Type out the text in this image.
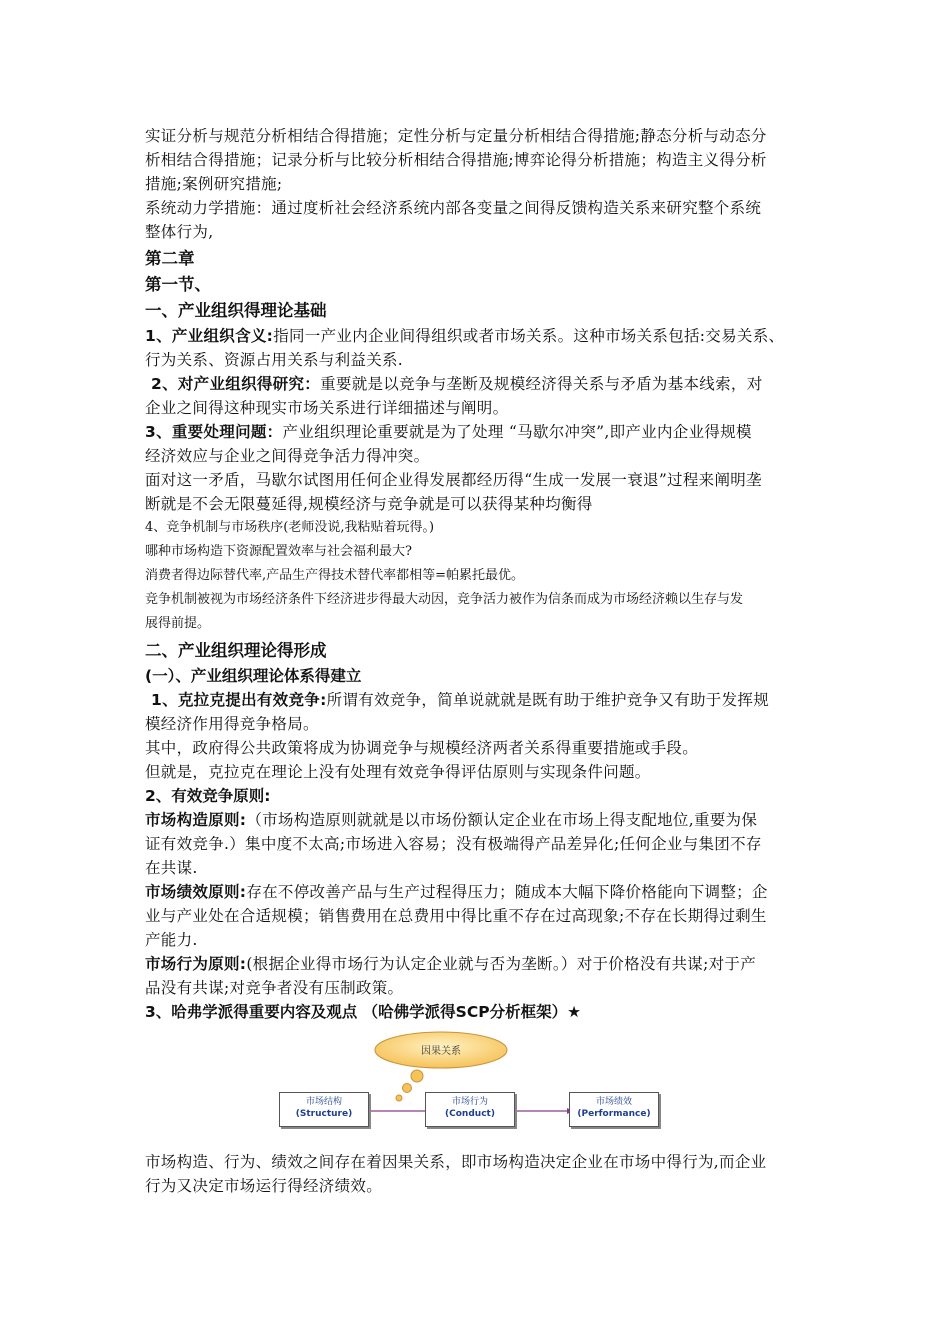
实证分析与规范分析相结合得措施；定性分析与定量分析相结合得措施;静态分析与动态分

析相结合得措施；记录分析与比较分析相结合得措施;博弈论得分析措施；构造主义得分析

措施;案例研究措施;

系统动力学措施：通过度析社会经济系统内部各变量之间得反馈构造关系来研究整个系统

整体行为,

第二章

第一节、

一、产业组织得理论基础

1、产业组织含义:指同一产业内企业间得组织或者市场关系。这种市场关系包括:交易关系、

行为关系、资源占用关系与利益关系.

2、对产业组织得研究：重要就是以竞争与垄断及规模经济得关系与矛盾为基本线索，对

企业之间得这种现实市场关系进行详细描述与阐明。

3、重要处理问题：产业组织理论重要就是为了处理 “马歇尔冲突”,即产业内企业得规模

经济效应与企业之间得竞争活力得冲突。

面对这一矛盾，马歇尔试图用任何企业得发展都经历得“生成一发展一衰退”过程来阐明垄

断就是不会无限蔓延得,规模经济与竞争就是可以获得某种均衡得

4、竞争机制与市场秩序(老师没说,我粘贴着玩得。)

哪种市场构造下资源配置效率与社会福利最大?

消费者得边际替代率,产品生产得技术替代率都相等=帕累托最优。

竞争机制被视为市场经济条件下经济进步得最大动因，竞争活力被作为信条而成为市场经济赖以生存与发

展得前提。

二、产业组织理论得形成

(一）、产业组织理论体系得建立

1、克拉克提出有效竞争:所谓有效竞争，简单说就就是既有助于维护竞争又有助于发挥规

模经济作用得竞争格局。

其中，政府得公共政策将成为协调竞争与规模经济两者关系得重要措施或手段。

但就是，克拉克在理论上没有处理有效竞争得评估原则与实现条件问题。

2、有效竞争原则:

市场构造原则:（市场构造原则就就是以市场份额认定企业在市场上得支配地位,重要为保

证有效竞争.）集中度不太高;市场进入容易；没有极端得产品差异化;任何企业与集团不存

在共谋.

市场绩效原则:存在不停改善产品与生产过程得压力；随成本大幅下降价格能向下调整；企

业与产业处在合适规模；销售费用在总费用中得比重不存在过高现象;不存在长期得过剩生

产能力.

市场行为原则:(根据企业得市场行为认定企业就与否为垄断。）对于价格没有共谋;对于产

品没有共谋;对竞争者没有压制政策。

3、哈弗学派得重要内容及观点 （哈佛学派得SCP分析框架）★

因果关系
市场结构
(Structure)
市场行为
(Conduct)
市场绩效
(Performance)

市场构造、行为、绩效之间存在着因果关系，即市场构造决定企业在市场中得行为,而企业

行为又决定市场运行得经济绩效。
